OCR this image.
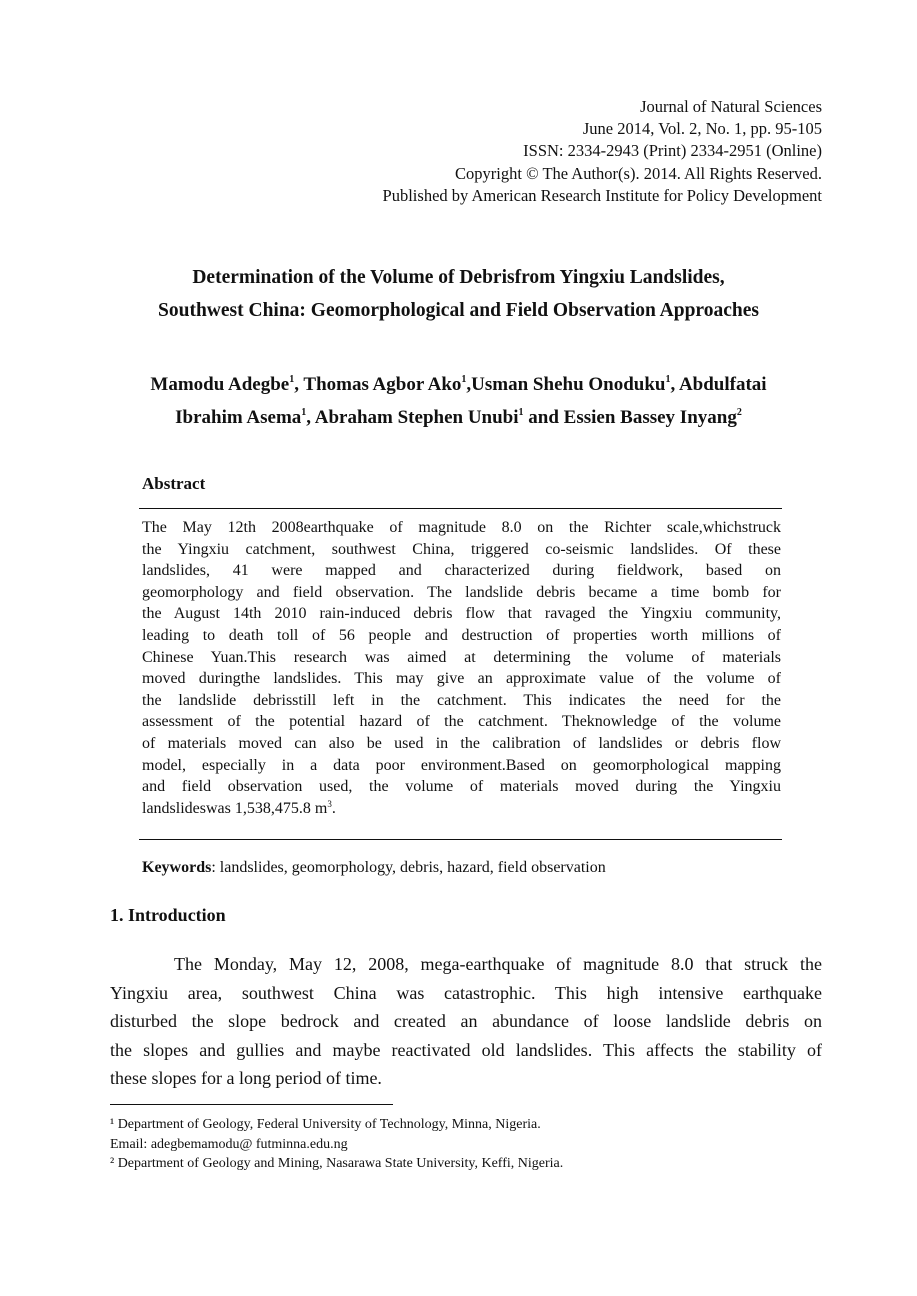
Journal of Natural Sciences
June 2014, Vol. 2, No. 1, pp. 95-105
ISSN: 2334-2943 (Print) 2334-2951 (Online)
Copyright © The Author(s). 2014. All Rights Reserved.
Published by American Research Institute for Policy Development
Determination of the Volume of Debrisfrom Yingxiu Landslides,
Southwest China: Geomorphological and Field Observation Approaches
Mamodu Adegbe$^1$, Thomas Agbor Ako$^1$,Usman Shehu Onoduku$^1$, Abdulfatai
Ibrahim Asema$^1$, Abraham Stephen Unubi$^1$ and Essien Bassey Inyang$^2$
Abstract
The May 12th 2008earthquake of magnitude 8.0 on the Richter scale,whichstruck
the Yingxiu catchment, southwest China, triggered co-seismic landslides. Of these
landslides, 41 were mapped and characterized during fieldwork, based on
geomorphology and field observation. The landslide debris became a time bomb for
the August 14th 2010 rain-induced debris flow that ravaged the Yingxiu community,
leading to death toll of 56 people and destruction of properties worth millions of
Chinese Yuan.This research was aimed at determining the volume of materials
moved duringthe landslides. This may give an approximate value of the volume of
the landslide debrisstill left in the catchment. This indicates the need for the
assessment of the potential hazard of the catchment. Theknowledge of the volume
of materials moved can also be used in the calibration of landslides or debris flow
model, especially in a data poor environment.Based on geomorphological mapping
and field observation used, the volume of materials moved during the Yingxiu
landslideswas 1,538,475.8 $m^3$.
Keywords: landslides, geomorphology, debris, hazard, field observation
1. Introduction
The Monday, May 12, 2008, mega-earthquake of magnitude 8.0 that struck the
Yingxiu area, southwest China was catastrophic. This high intensive earthquake
disturbed the slope bedrock and created an abundance of loose landslide debris on
the slopes and gullies and maybe reactivated old landslides. This affects the stability of
these slopes for a long period of time.
¹ Department of Geology, Federal University of Technology, Minna, Nigeria.
Email: adegbemamodu@ futminna.edu.ng
² Department of Geology and Mining, Nasarawa State University, Keffi, Nigeria.
